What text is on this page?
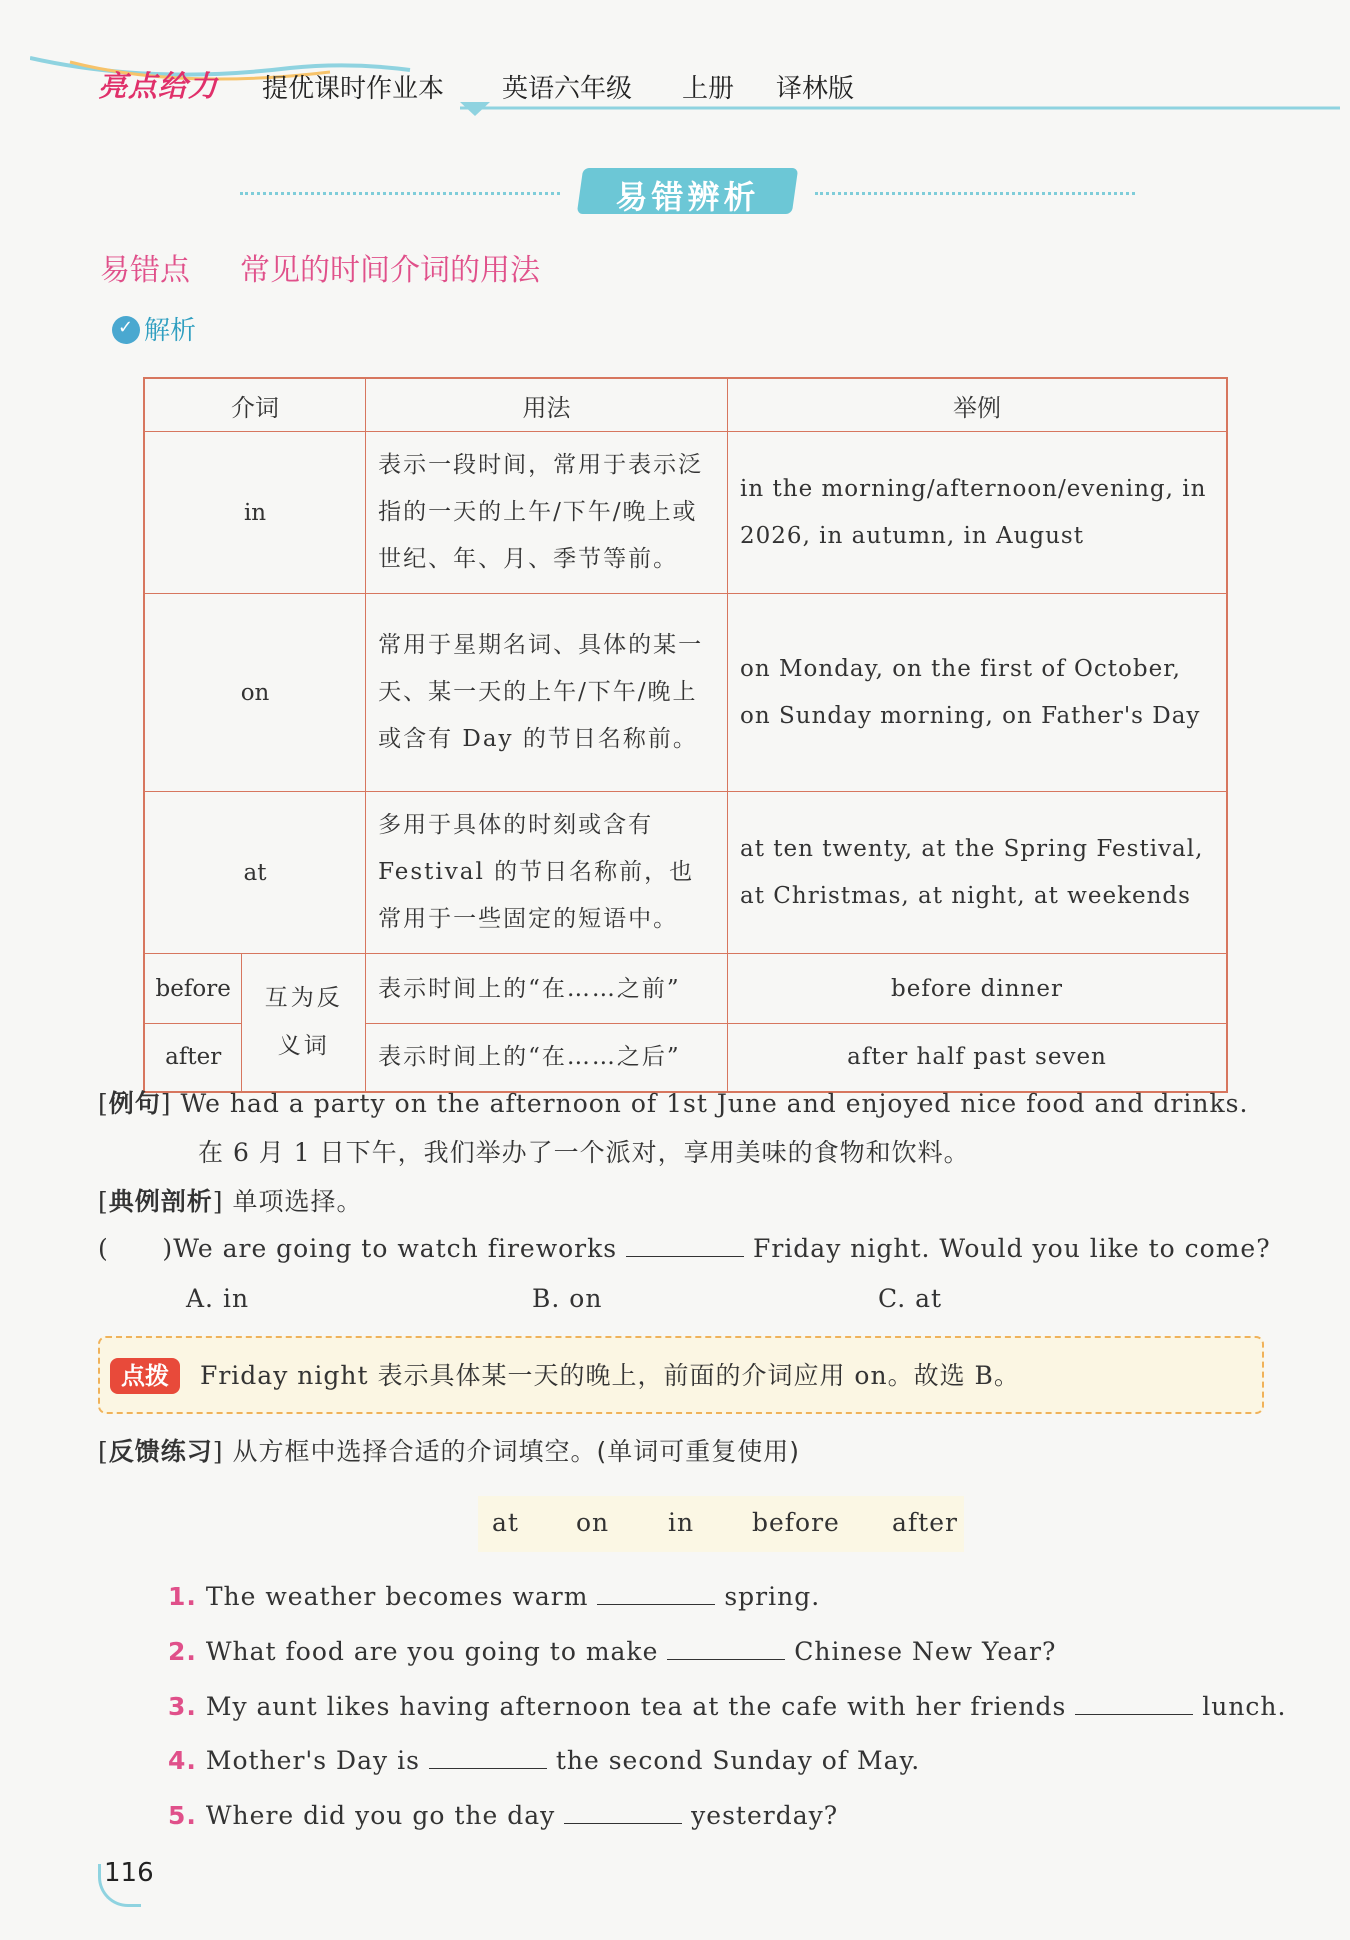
亮点给力 提优课时作业本 英语六年级 上册 译林版
易错辨析
易错点 常见的时间介词的用法
✓解析
介词		用法	举例
in		表示一段时间，常用于表示泛指的一天的上午/下午/晚上或世纪、年、月、季节等前。	in the morning/afternoon/evening, in 2026, in autumn, in August
on		常用于星期名词、具体的某一天、某一天的上午/下午/晚上或含有 Day 的节日名称前。	on Monday, on the first of October, on Sunday morning, on Father's Day
at		多用于具体的时刻或含有 Festival 的节日名称前，也常用于一些固定的短语中。	at ten twenty, at the Spring Festival, at Christmas, at night, at weekends
before	互为反义词	表示时间上的“在……之前”	before dinner
after		表示时间上的“在……之后”	after half past seven
[例句] We had a party on the afternoon of 1st June and enjoyed nice food and drinks.
在 6 月 1 日下午，我们举办了一个派对，享用美味的食物和饮料。
[典例剖析] 单项选择。
(      )We are going to watch fireworks	Friday night. Would you like to come?
A. in	B. on	C. at
点拨	Friday night 表示具体某一天的晚上，前面的介词应用 on。故选 B。
[反馈练习] 从方框中选择合适的介词填空。(单词可重复使用)
at on in before after
1. The weather becomes warm	spring.
2. What food are you going to make	Chinese New Year?
3. My aunt likes having afternoon tea at the cafe with her friends	lunch.
4. Mother's Day is	the second Sunday of May.
5. Where did you go the day	yesterday?
116
